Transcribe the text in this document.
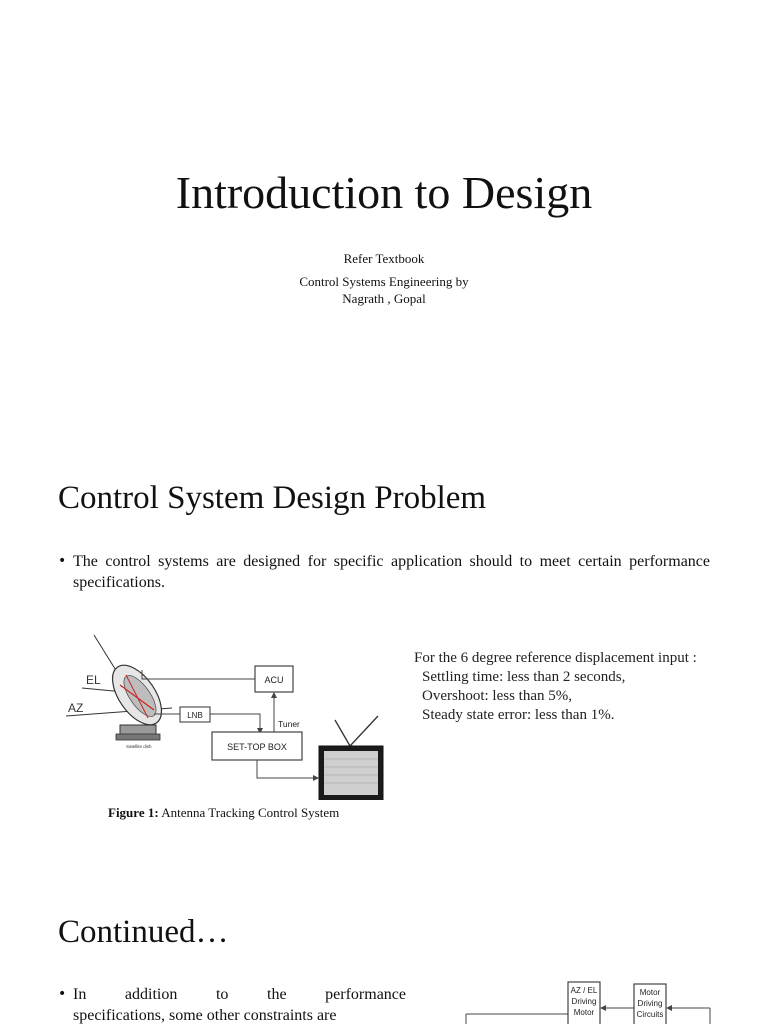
Introduction to Design
Refer Textbook
Control Systems Engineering by
Nagrath , Gopal
Control System Design Problem
• The control systems are designed for specific application should to meet certain performance specifications.
EL
AZ
Satellite dish
ACU
LNB
Tuner
SET-TOP BOX
For the 6 degree reference displacement input :
Settling time: less than 2 seconds,
Overshoot: less than 5%,
Steady state error: less than 1%.
Figure 1: Antenna Tracking Control System
Continued…
• In addition to the performance
specifications, some other constraints are
AZ / EL
Driving
Motor
Motor
Driving
Circuits
